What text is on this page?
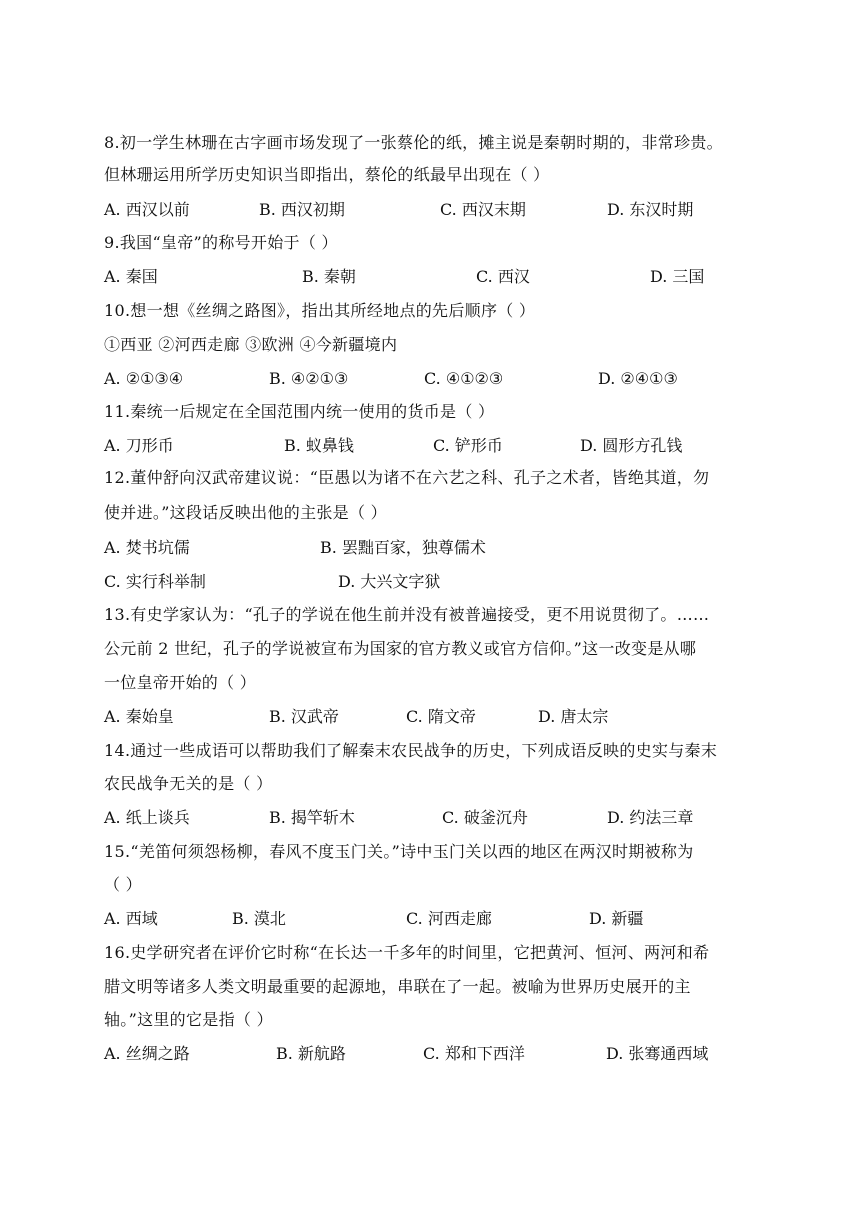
8.初一学生林珊在古字画市场发现了一张蔡伦的纸，摊主说是秦朝时期的，非常珍贵。
但林珊运用所学历史知识当即指出，蔡伦的纸最早出现在（ ）
A. 西汉以前	B. 西汉初期	C. 西汉末期	D. 东汉时期
9.我国“皇帝”的称号开始于（ ）
A. 秦国	B. 秦朝	C. 西汉	D. 三国
10.想一想《丝绸之路图》，指出其所经地点的先后顺序（ ）
①西亚 ②河西走廊 ③欧洲 ④今新疆境内
A. ②①③④	B. ④②①③	C. ④①②③	D. ②④①③
11.秦统一后规定在全国范围内统一使用的货币是（ ）
A. 刀形币	B. 蚁鼻钱	C. 铲形币	D. 圆形方孔钱
12.董仲舒向汉武帝建议说：“臣愚以为诸不在六艺之科、孔子之术者，皆绝其道，勿
使并进。”这段话反映出他的主张是（ ）
A. 焚书坑儒	B. 罢黜百家，独尊儒术
C. 实行科举制	D. 大兴文字狱
13.有史学家认为：“孔子的学说在他生前并没有被普遍接受，更不用说贯彻了。……
公元前 2 世纪，孔子的学说被宣布为国家的官方教义或官方信仰。”这一改变是从哪
一位皇帝开始的（ ）
A. 秦始皇	B. 汉武帝	C. 隋文帝	D. 唐太宗
14.通过一些成语可以帮助我们了解秦末农民战争的历史，下列成语反映的史实与秦末
农民战争无关的是（ ）
A. 纸上谈兵	B. 揭竿斩木	C. 破釜沉舟	D. 约法三章
15.“羌笛何须怨杨柳，春风不度玉门关。”诗中玉门关以西的地区在两汉时期被称为
（ ）
A. 西域	B. 漠北	C. 河西走廊	D. 新疆
16.史学研究者在评价它时称“在长达一千多年的时间里，它把黄河、恒河、两河和希
腊文明等诸多人类文明最重要的起源地，串联在了一起。被喻为世界历史展开的主
轴。”这里的它是指（ ）
A. 丝绸之路	B. 新航路	C. 郑和下西洋	D. 张骞通西域
